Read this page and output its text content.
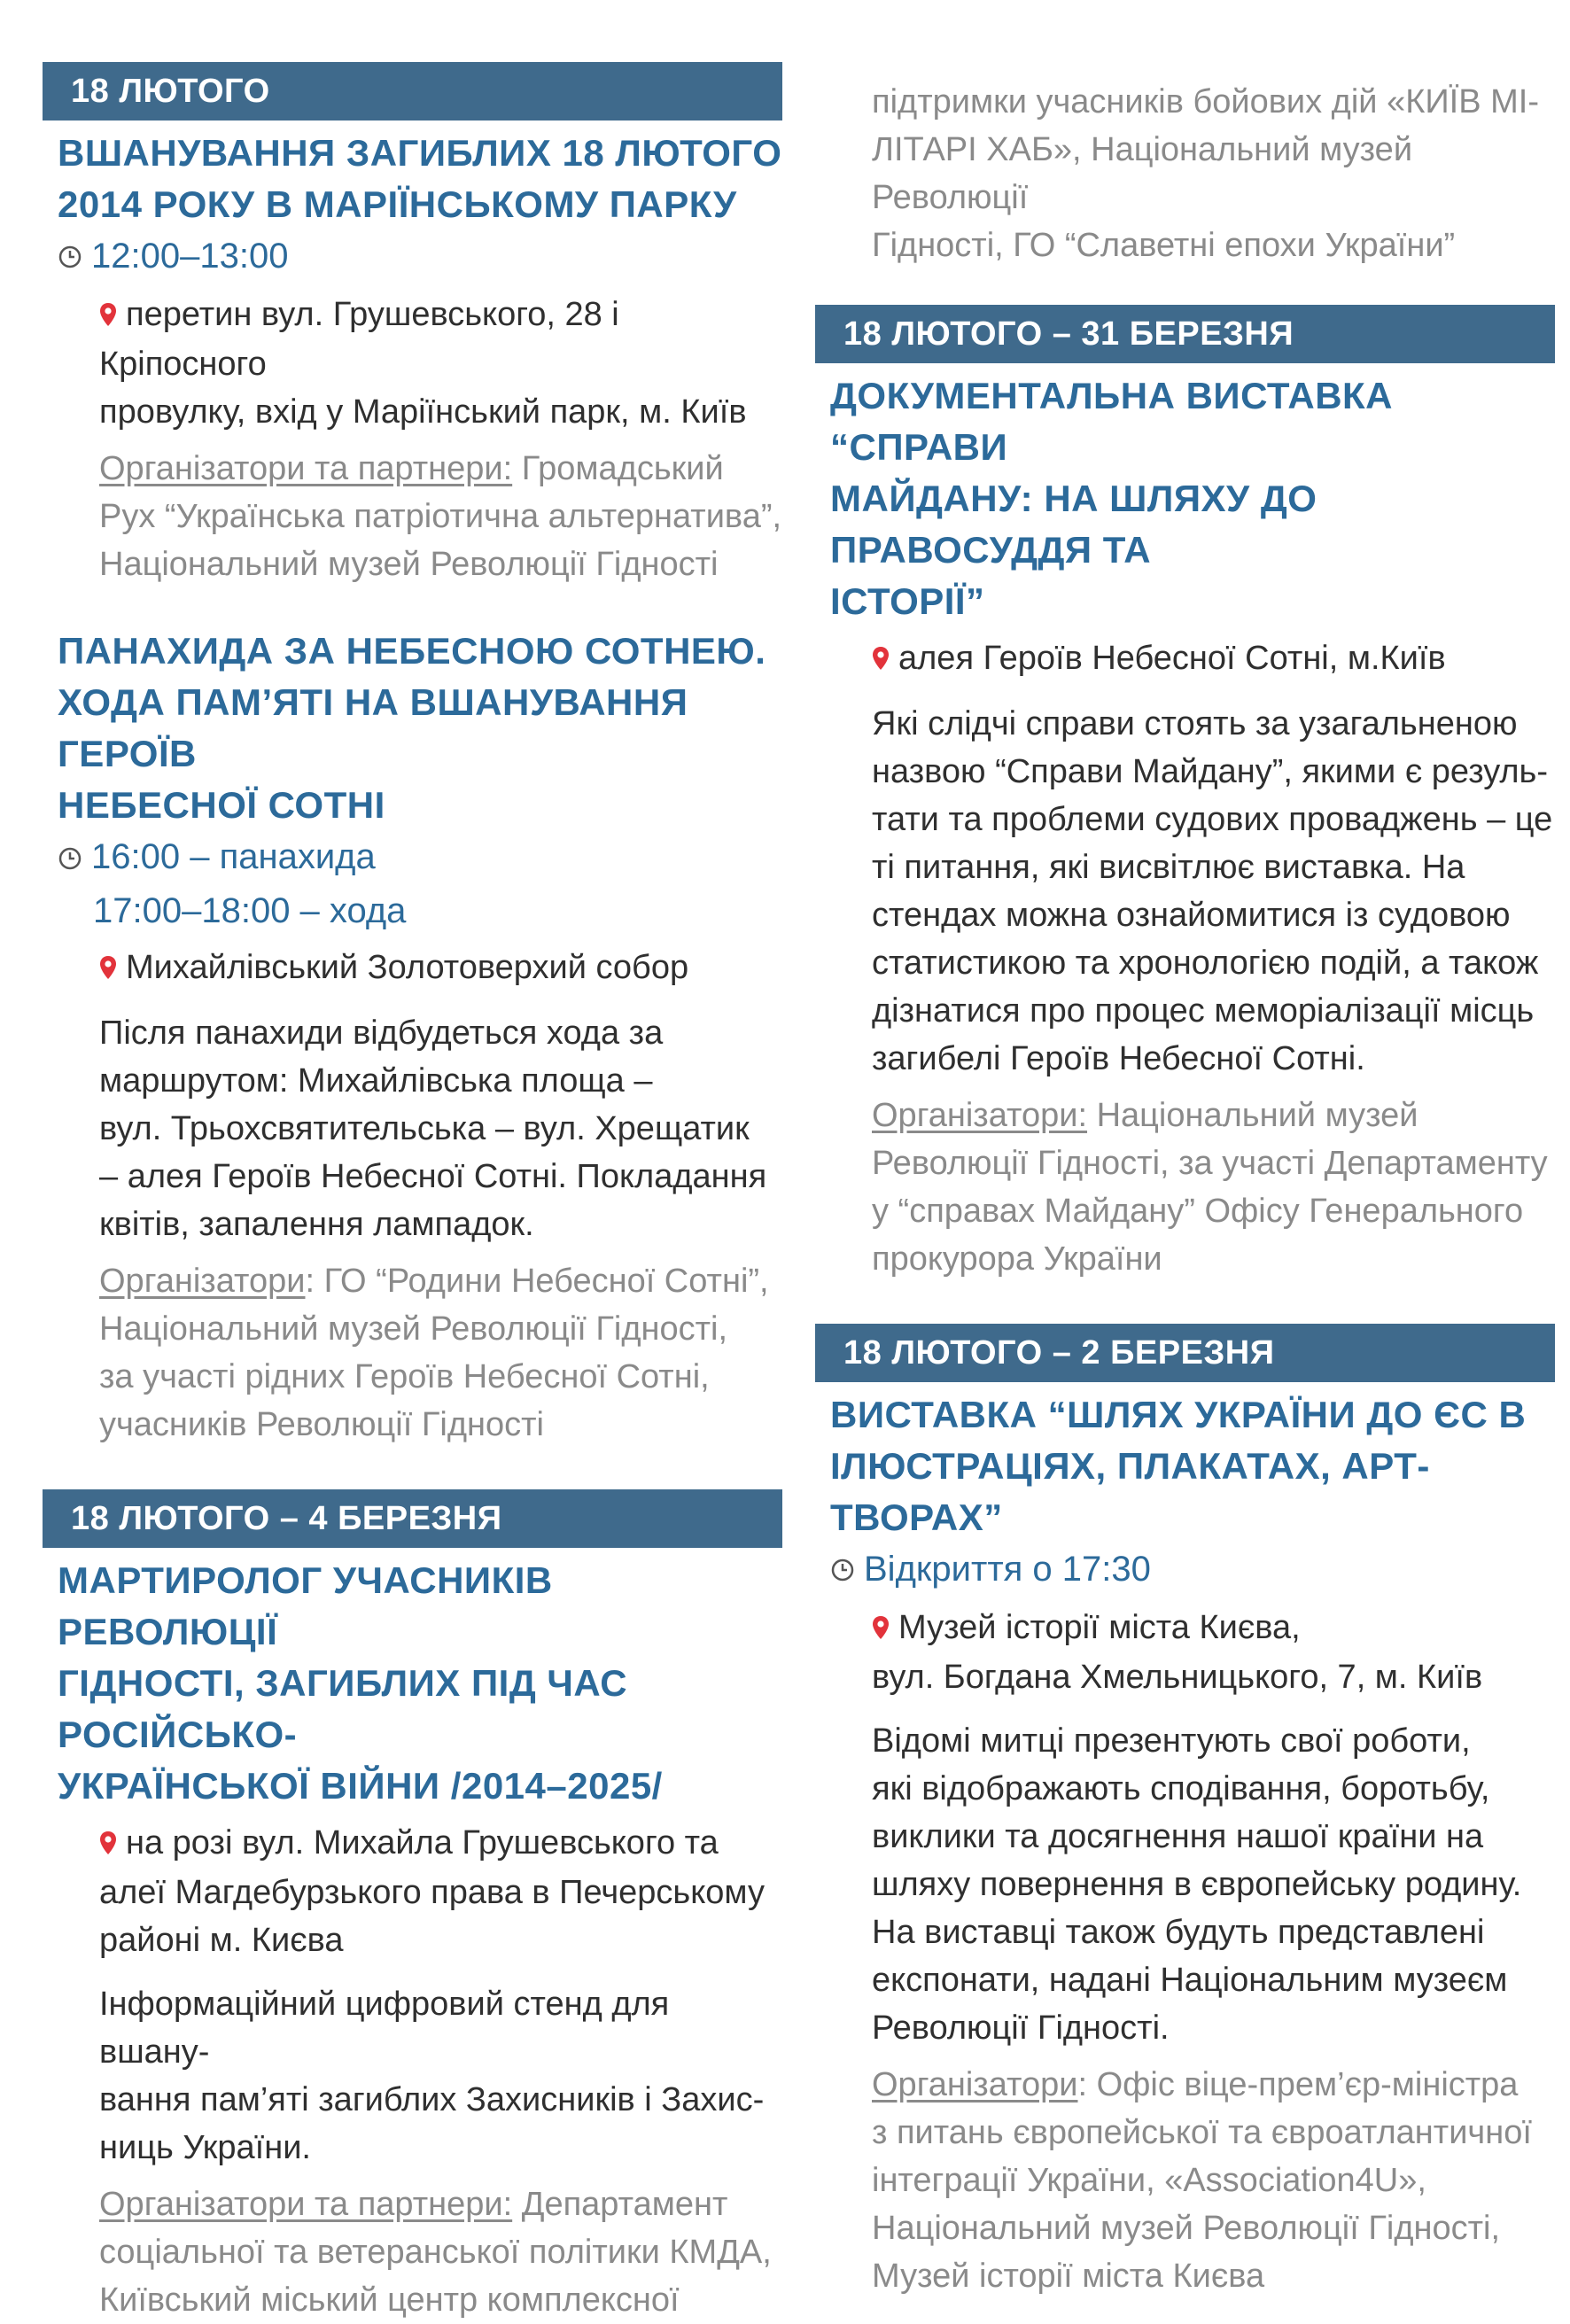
18 ЛЮТОГО
ВШАНУВАННЯ ЗАГИБЛИХ 18 ЛЮТОГО
2014 РОКУ В МАРІЇНСЬКОМУ ПАРКУ
12:00–13:00
перетин вул. Грушевського, 28 і Кріпосного
провулку, вхід у Маріїнський парк, м. Київ
Організатори та партнери: Громадський
Рух “Українська патріотична альтернатива”,
Національний музей Революції Гідності
ПАНАХИДА ЗА НЕБЕСНОЮ СОТНЕЮ.
ХОДА ПАМ’ЯТІ НА ВШАНУВАННЯ ГЕРОЇВ
НЕБЕСНОЇ СОТНІ
16:00 – панахида
17:00–18:00 – хода
Михайлівський Золотоверхий собор
Після панахиди відбудеться хода за
маршрутом: Михайлівська площа –
вул. Трьохсвятительська – вул. Хрещатик
– алея Героїв Небесної Сотні. Покладання
квітів, запалення лампадок.
Організатори: ГО “Родини Небесної Сотні”,
Національний музей Революції Гідності,
за участі рідних Героїв Небесної Сотні,
учасників Революції Гідності
18 ЛЮТОГО – 4 БЕРЕЗНЯ
МАРТИРОЛОГ УЧАСНИКІВ РЕВОЛЮЦІЇ
ГІДНОСТІ, ЗАГИБЛИХ ПІД ЧАС РОСІЙСЬКО-
УКРАЇНСЬКОЇ ВІЙНИ /2014–2025/
на розі вул. Михайла Грушевського та
алеї Магдебурзького права в Печерському
районі м. Києва
Інформаційний цифровий стенд для вшану-
вання пам’яті загиблих Захисників і Захис-
ниць України.
Організатори та партнери: Департамент
соціальної та ветеранської політики КМДА,
Київський міський центр комплексної
підтримки учасників бойових дій «КИЇВ МІ-
ЛІТАРІ ХАБ», Національний музей Революції
Гідності, ГО “Славетні епохи України”
18 ЛЮТОГО – 31 БЕРЕЗНЯ
ДОКУМЕНТАЛЬНА ВИСТАВКА “СПРАВИ
МАЙДАНУ: НА ШЛЯХУ ДО ПРАВОСУДДЯ ТА
ІСТОРІЇ”
алея Героїв Небесної Сотні, м.Київ
Які слідчі справи стоять за узагальненою
назвою “Справи Майдану”, якими є резуль-
тати та проблеми судових проваджень – це
ті питання, які висвітлює виставка. На
стендах можна ознайомитися із судовою
статистикою та хронологією подій, а також
дізнатися про процес меморіалізації місць
загибелі Героїв Небесної Сотні.
Організатори: Національний музей
Революції Гідності, за участі Департаменту
у “справах Майдану” Офісу Генерального
прокурора України
18 ЛЮТОГО – 2 БЕРЕЗНЯ
ВИСТАВКА “ШЛЯХ УКРАЇНИ ДО ЄС В
ІЛЮСТРАЦІЯХ, ПЛАКАТАХ, АРТ-ТВОРАХ”
Відкриття о 17:30
Музей історії міста Києва,
вул. Богдана Хмельницького, 7, м. Київ
Відомі митці презентують свої роботи,
які відображають сподівання, боротьбу,
виклики та досягнення нашої країни на
шляху повернення в європейську родину.
На виставці також будуть представлені
експонати, надані Національним музеєм
Революції Гідності.
Організатори: Офіс віце-прем’єр-міністра
з питань європейської та євроатлантичної
інтеграції України, «Association4U»,
Національний музей Революції Гідності,
Музей історії міста Києва
